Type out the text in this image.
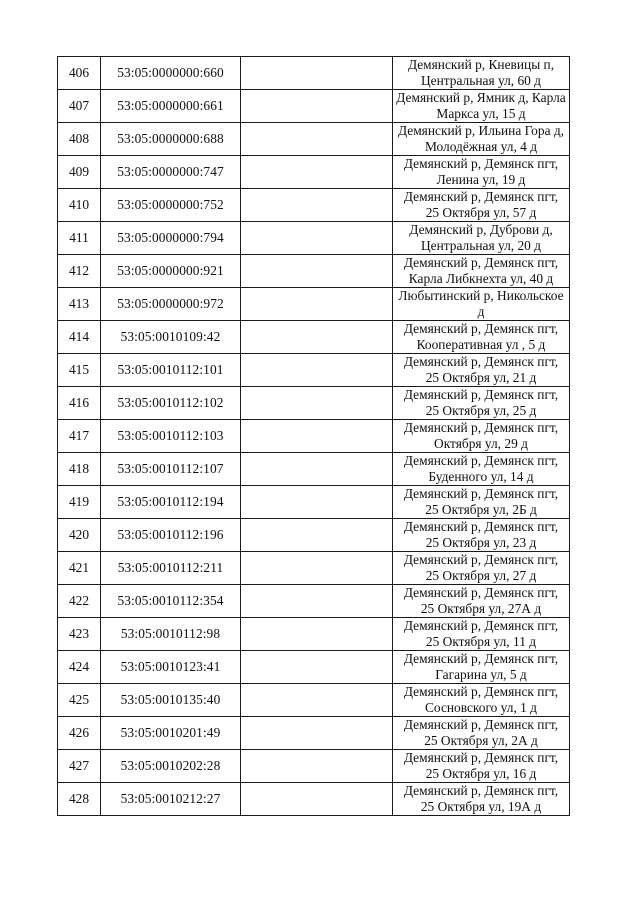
406	53:05:0000000:660		Демянский р, Кневицы п,
Центральная ул, 60 д

407	53:05:0000000:661		Демянский р, Ямник д, Карла
Маркса ул, 15 д

408	53:05:0000000:688		Демянский р, Ильина Гора д,
Молодёжная ул, 4 д

409	53:05:0000000:747		Демянский р, Демянск пгт,
Ленина ул, 19 д

410	53:05:0000000:752		Демянский р, Демянск пгт,
25 Октября ул, 57 д

411	53:05:0000000:794		Демянский р, Дуброви д,
Центральная ул, 20 д

412	53:05:0000000:921		Демянский р, Демянск пгт,
Карла Либкнехта ул, 40 д

413	53:05:0000000:972		Любытинский р, Никольское
д

414	53:05:0010109:42		Демянский р, Демянск пгт,
Кооперативная ул , 5 д

415	53:05:0010112:101		Демянский р, Демянск пгт,
25 Октября ул, 21 д

416	53:05:0010112:102		Демянский р, Демянск пгт,
25 Октября ул, 25 д

417	53:05:0010112:103		Демянский р, Демянск пгт,
Октября ул, 29 д

418	53:05:0010112:107		Демянский р, Демянск пгт,
Буденного ул, 14 д

419	53:05:0010112:194		Демянский р, Демянск пгт,
25 Октября ул, 2Б д

420	53:05:0010112:196		Демянский р, Демянск пгт,
25 Октября ул, 23 д

421	53:05:0010112:211		Демянский р, Демянск пгт,
25 Октября ул, 27 д

422	53:05:0010112:354		Демянский р, Демянск пгт,
25 Октября ул, 27А д

423	53:05:0010112:98		Демянский р, Демянск пгт,
25 Октября ул, 11 д

424	53:05:0010123:41		Демянский р, Демянск пгт,
Гагарина ул, 5 д

425	53:05:0010135:40		Демянский р, Демянск пгт,
Сосновского ул, 1 д

426	53:05:0010201:49		Демянский р, Демянск пгт,
25 Октября ул, 2А д

427	53:05:0010202:28		Демянский р, Демянск пгт,
25 Октября ул, 16 д

428	53:05:0010212:27		Демянский р, Демянск пгт,
25 Октября ул, 19А д
